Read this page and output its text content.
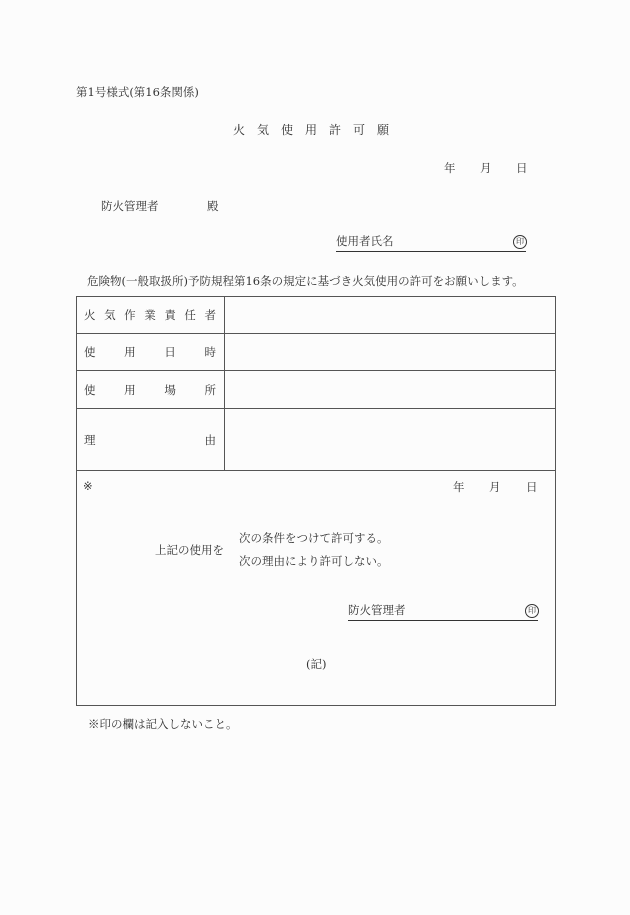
第1号様式(第16条関係)
火 気 使 用 許 可 願
年 月 日
防火管理者	殿
使用者氏名	印
危険物(一般取扱所)予防規程第16条の規定に基づき火気使用の許可をお願いします。
火 気 作 業 責 任 者
使 用 日 時
使 用 場 所
理	由
※	年 月 日
上記の使用を
次の条件をつけて許可する。
次の理由により許可しない。
防火管理者	印
(記)
※印の欄は記入しないこと。
